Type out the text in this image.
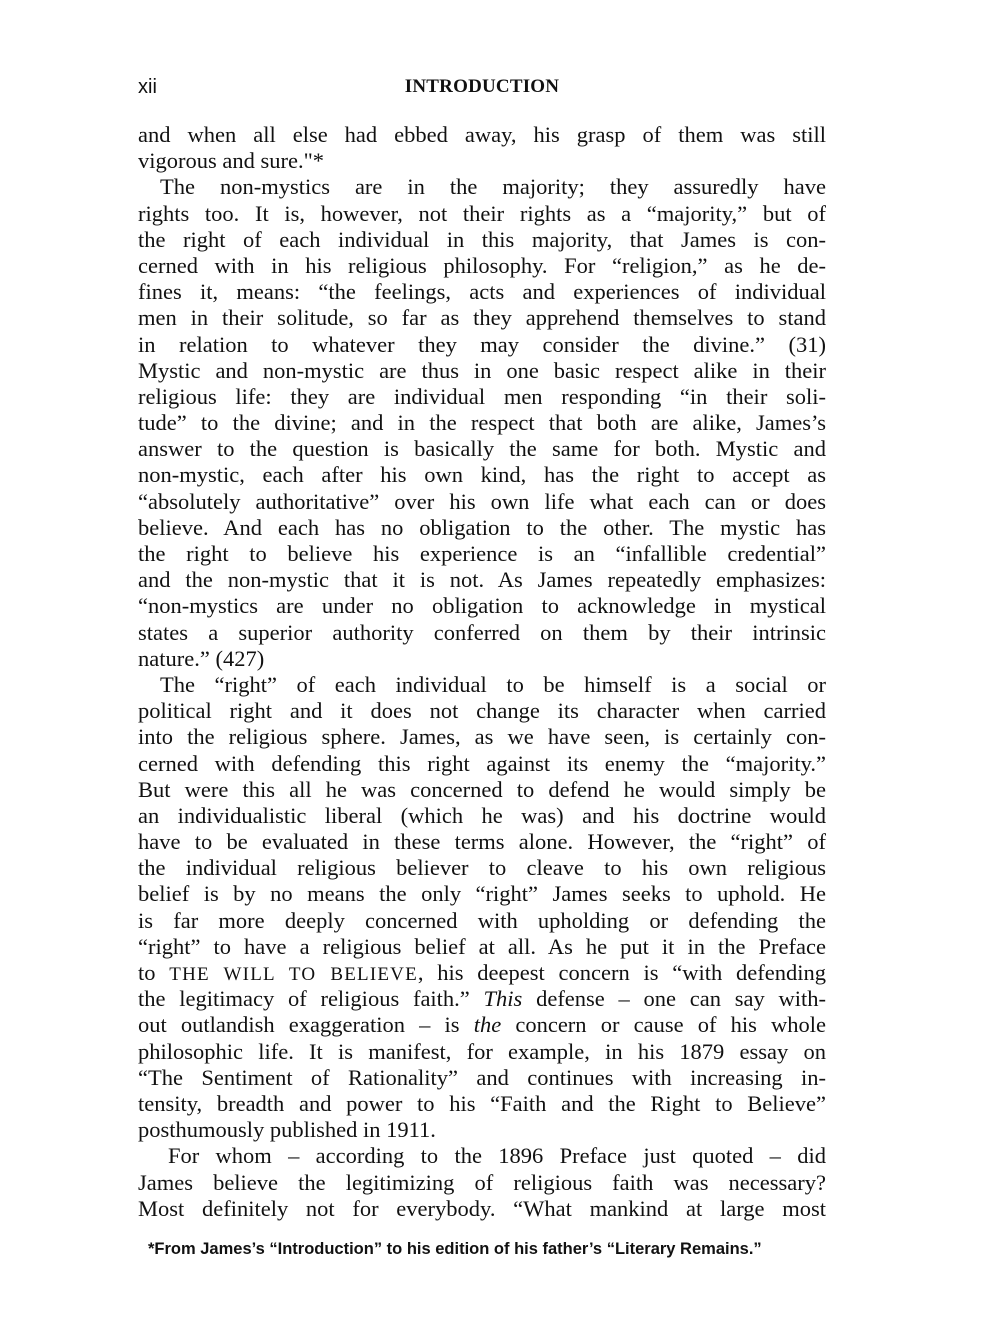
xii	INTRODUCTION
and when all else had ebbed away, his grasp of them was still
vigorous and sure."*
The non-mystics are in the majority; they assuredly have
rights too. It is, however, not their rights as a “majority,” but of
the right of each individual in this majority, that James is con-
cerned with in his religious philosophy. For “religion,” as he de-
fines it, means: “the feelings, acts and experiences of individual
men in their solitude, so far as they apprehend themselves to stand
in relation to whatever they may consider the divine.” (31)
Mystic and non-mystic are thus in one basic respect alike in their
religious life: they are individual men responding “in their soli-
tude” to the divine; and in the respect that both are alike, James’s
answer to the question is basically the same for both. Mystic and
non-mystic, each after his own kind, has the right to accept as
“absolutely authoritative” over his own life what each can or does
believe. And each has no obligation to the other. The mystic has
the right to believe his experience is an “infallible credential”
and the non-mystic that it is not. As James repeatedly emphasizes:
“non-mystics are under no obligation to acknowledge in mystical
states a superior authority conferred on them by their intrinsic
nature.” (427)
The “right” of each individual to be himself is a social or
political right and it does not change its character when carried
into the religious sphere. James, as we have seen, is certainly con-
cerned with defending this right against its enemy the “majority.”
But were this all he was concerned to defend he would simply be
an individualistic liberal (which he was) and his doctrine would
have to be evaluated in these terms alone. However, the “right” of
the individual religious believer to cleave to his own religious
belief is by no means the only “right” James seeks to uphold. He
is far more deeply concerned with upholding or defending the
“right” to have a religious belief at all. As he put it in the Preface
to THE WILL TO BELIEVE, his deepest concern is “with defending
the legitimacy of religious faith.” This defense – one can say with-
out outlandish exaggeration – is the concern or cause of his whole
philosophic life. It is manifest, for example, in his 1879 essay on
“The Sentiment of Rationality” and continues with increasing in-
tensity, breadth and power to his “Faith and the Right to Believe”
posthumously published in 1911.
For whom – according to the 1896 Preface just quoted – did
James believe the legitimizing of religious faith was necessary?
Most definitely not for everybody. “What mankind at large most
*From James’s “Introduction” to his edition of his father’s “Literary Remains.”
